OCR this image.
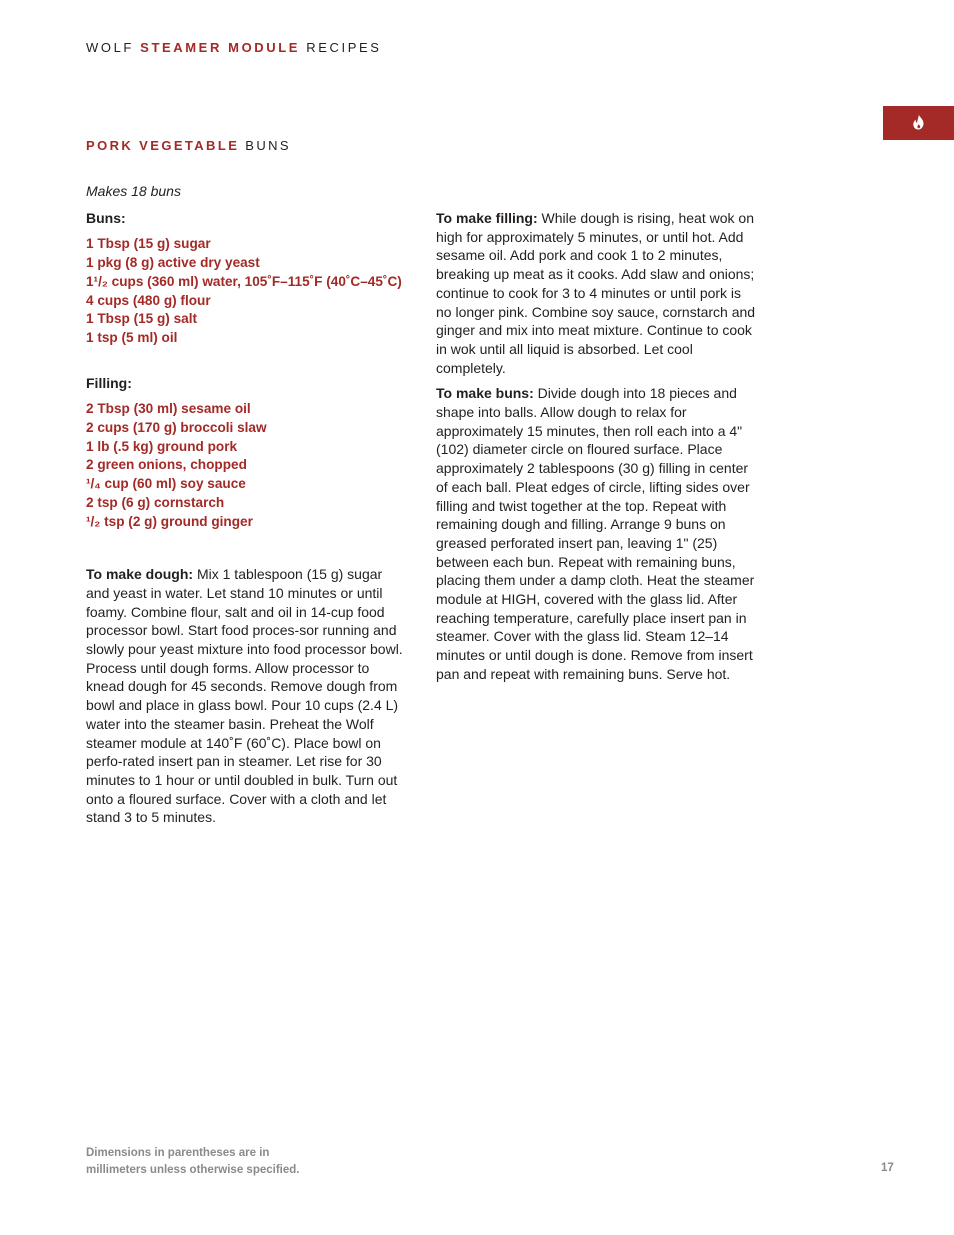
WOLF STEAMER MODULE RECIPES
PORK VEGETABLE BUNS
Makes 18 buns
Buns:
1 Tbsp (15 g) sugar
1 pkg (8 g) active dry yeast
1¹/₂ cups (360 ml) water, 105˚F–115˚F (40˚C–45˚C)
4 cups (480 g) flour
1 Tbsp (15 g) salt
1 tsp (5 ml) oil
Filling:
2 Tbsp (30 ml) sesame oil
2 cups (170 g) broccoli slaw
1 lb (.5 kg) ground pork
2 green onions, chopped
¹/₄ cup (60 ml) soy sauce
2 tsp (6 g) cornstarch
¹/₂ tsp (2 g) ground ginger

To make dough: Mix 1 tablespoon (15 g) sugar and yeast in water. Let stand 10 minutes or until foamy. Combine flour, salt and oil in 14-cup food processor bowl. Start food proces-sor running and slowly pour yeast mixture into food processor bowl. Process until dough forms. Allow processor to knead dough for 45 seconds. Remove dough from bowl and place in glass bowl. Pour 10 cups (2.4 L) water into the steamer basin. Preheat the Wolf steamer module at 140˚F (60˚C). Place bowl on perfo-rated insert pan in steamer. Let rise for 30 minutes to 1 hour or until doubled in bulk. Turn out onto a floured surface. Cover with a cloth and let stand 3 to 5 minutes.

To make filling: While dough is rising, heat wok on high for approximately 5 minutes, or until hot. Add sesame oil. Add pork and cook 1 to 2 minutes, breaking up meat as it cooks. Add slaw and onions; continue to cook for 3 to 4 minutes or until pork is no longer pink. Combine soy sauce, cornstarch and ginger and mix into meat mixture. Continue to cook in wok until all liquid is absorbed. Let cool completely.

To make buns: Divide dough into 18 pieces and shape into balls. Allow dough to relax for approximately 15 minutes, then roll each into a 4" (102) diameter circle on floured surface. Place approximately 2 tablespoons (30 g) filling in center of each ball. Pleat edges of circle, lifting sides over filling and twist together at the top. Repeat with remaining dough and filling. Arrange 9 buns on greased perforated insert pan, leaving 1" (25) between each bun. Repeat with remaining buns, placing them under a damp cloth. Heat the steamer module at HIGH, covered with the glass lid. After reaching temperature, carefully place insert pan in steamer. Cover with the glass lid. Steam 12–14 minutes or until dough is done. Remove from insert pan and repeat with remaining buns. Serve hot.

Dimensions in parentheses are in
millimeters unless otherwise specified.	17
